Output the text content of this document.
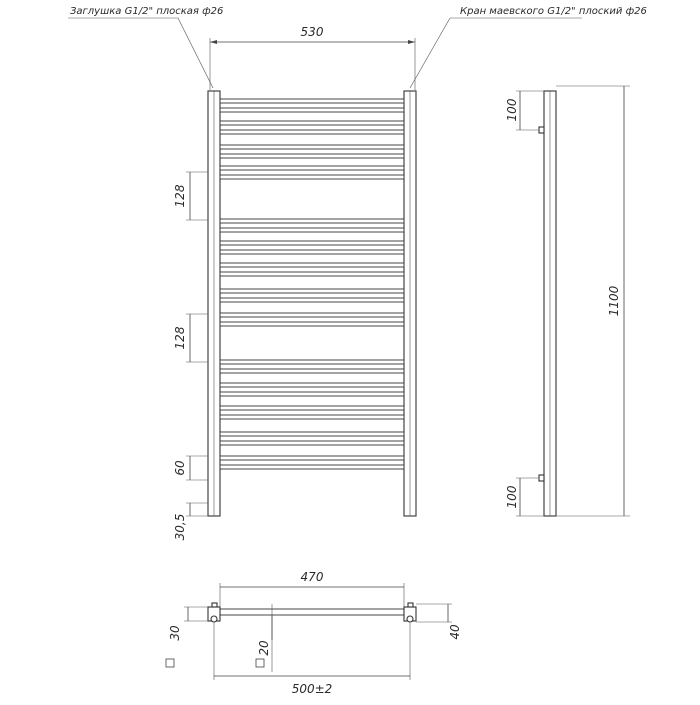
Заглушка G1/2" плоская ф26	Кран маевского G1/2" плоский ф26
530
128
128
60
30,5
100
100
1100
470
40
30
20
500±2
